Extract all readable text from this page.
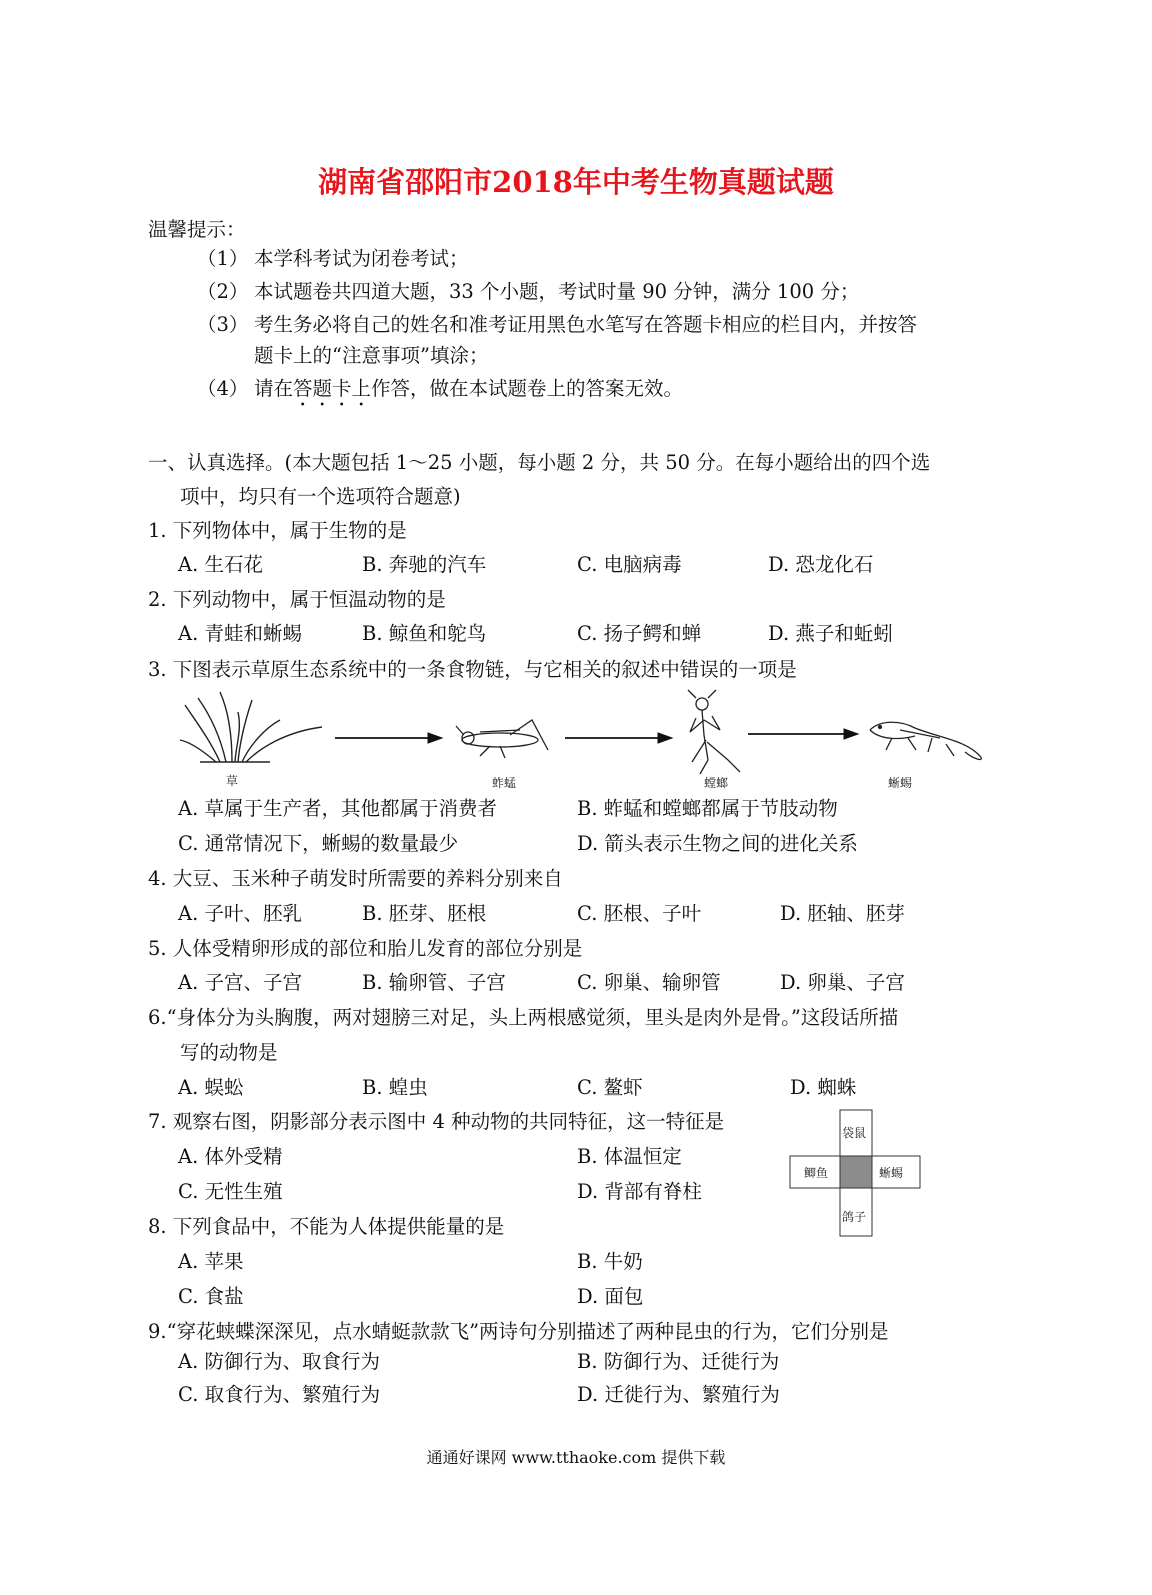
湖南省邵阳市2018年中考生物真题试题
温馨提示：
（1） 本学科考试为闭卷考试；
（2） 本试题卷共四道大题，33 个小题，考试时量 90 分钟，满分 100 分；
（3） 考生务必将自己的姓名和准考证用黑色水笔写在答题卡相应的栏目内，并按答
题卡上的“注意事项”填涂；
（4） 请在答题卡上作答，做在本试题卷上的答案无效。
一、认真选择。(本大题包括 1～25 小题，每小题 2 分，共 50 分。在每小题给出的四个选
项中，均只有一个选项符合题意)
1. 下列物体中，属于生物的是
A. 生石花	B. 奔驰的汽车	C. 电脑病毒	D. 恐龙化石
2. 下列动物中，属于恒温动物的是
A. 青蛙和蜥蜴	B. 鲸鱼和鸵鸟	C. 扬子鳄和蝉	D. 燕子和蚯蚓
3. 下图表示草原生态系统中的一条食物链，与它相关的叙述中错误的一项是
草	蚱蜢	螳螂	蜥蜴
A. 草属于生产者，其他都属于消费者	B. 蚱蜢和螳螂都属于节肢动物
C. 通常情况下，蜥蜴的数量最少	D. 箭头表示生物之间的进化关系
4. 大豆、玉米种子萌发时所需要的养料分别来自
A. 子叶、胚乳	B. 胚芽、胚根	C. 胚根、子叶	D. 胚轴、胚芽
5. 人体受精卵形成的部位和胎儿发育的部位分别是
A. 子宫、子宫	B. 输卵管、子宫	C. 卵巢、输卵管	D. 卵巢、子宫
6.“身体分为头胸腹，两对翅膀三对足，头上两根感觉须，里头是肉外是骨。”这段话所描
写的动物是
A. 蜈蚣	B. 蝗虫	C. 鳌虾	D. 蜘蛛
7. 观察右图，阴影部分表示图中 4 种动物的共同特征，这一特征是
A. 体外受精	B. 体温恒定
C. 无性生殖	D. 背部有脊柱
袋鼠
鲫鱼	蜥蜴
鸽子
8. 下列食品中，不能为人体提供能量的是
A. 苹果	B. 牛奶
C. 食盐	D. 面包
9.“穿花蛱蝶深深见，点水蜻蜓款款飞”两诗句分别描述了两种昆虫的行为，它们分别是
A. 防御行为、取食行为	B. 防御行为、迁徙行为
C. 取食行为、繁殖行为	D. 迁徙行为、繁殖行为
通通好课网 www.tthaoke.com 提供下载
